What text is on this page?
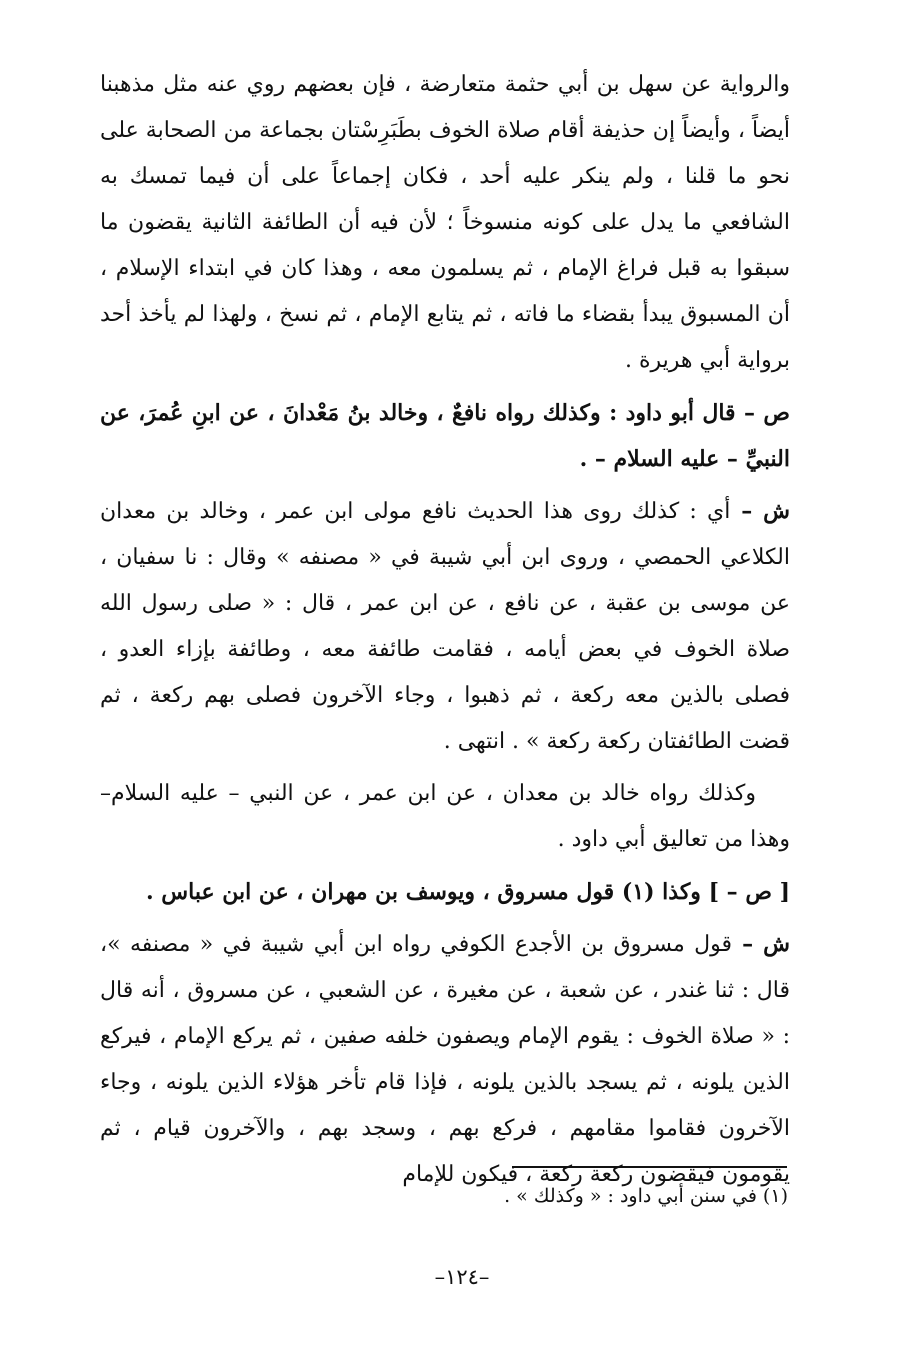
والرواية عن سهل بن أبي حثمة متعارضة ، فإن بعضهم روي عنه مثل مذهبنا أيضاً ، وأيضاً إن حذيفة أقام صلاة الخوف بطَبَرِسْتان بجماعة من الصحابة على نحو ما قلنا ، ولم ينكر عليه أحد ، فكان إجماعاً على أن فيما تمسك به الشافعي ما يدل على كونه منسوخاً ؛ لأن فيه أن الطائفة الثانية يقضون ما سبقوا به قبل فراغ الإمام ، ثم يسلمون معه ، وهذا كان في ابتداء الإسلام ، أن المسبوق يبدأ بقضاء ما فاته ، ثم يتابع الإمام ، ثم نسخ ، ولهذا لم يأخذ أحد برواية أبي هريرة .

ص – قال أبو داود : وكذلك رواه نافعٌ ، وخالد بنُ مَعْدانَ ، عن ابنِ عُمرَ، عن النبيِّ – عليه السلام – .

ش – أي : كذلك روى هذا الحديث نافع مولى ابن عمر ، وخالد بن معدان الكلاعي الحمصي ، وروى ابن أبي شيبة في « مصنفه » وقال : نا سفيان ، عن موسى بن عقبة ، عن نافع ، عن ابن عمر ، قال : « صلى رسول الله صلاة الخوف في بعض أيامه ، فقامت طائفة معه ، وطائفة بإزاء العدو ، فصلى بالذين معه ركعة ، ثم ذهبوا ، وجاء الآخرون فصلى بهم ركعة ، ثم قضت الطائفتان ركعة ركعة » . انتهى .

وكذلك رواه خالد بن معدان ، عن ابن عمر ، عن النبي – عليه السلام– وهذا من تعاليق أبي داود .

[ ص – ] وكذا (١) قول مسروق ، ويوسف بن مهران ، عن ابن عباس .

ش – قول مسروق بن الأجدع الكوفي رواه ابن أبي شيبة في « مصنفه »، قال : ثنا غندر ، عن شعبة ، عن مغيرة ، عن الشعبي ، عن مسروق ، أنه قال : « صلاة الخوف : يقوم الإمام ويصفون خلفه صفين ، ثم يركع الإمام ، فيركع الذين يلونه ، ثم يسجد بالذين يلونه ، فإذا قام تأخر هؤلاء الذين يلونه ، وجاء الآخرون فقاموا مقامهم ، فركع بهم ، وسجد بهم ، والآخرون قيام ، ثم يقومون فيقضون ركعة ركعة ، فيكون للإمام

(١) في سنن أبي داود : « وكذلك » .
–١٢٤–
